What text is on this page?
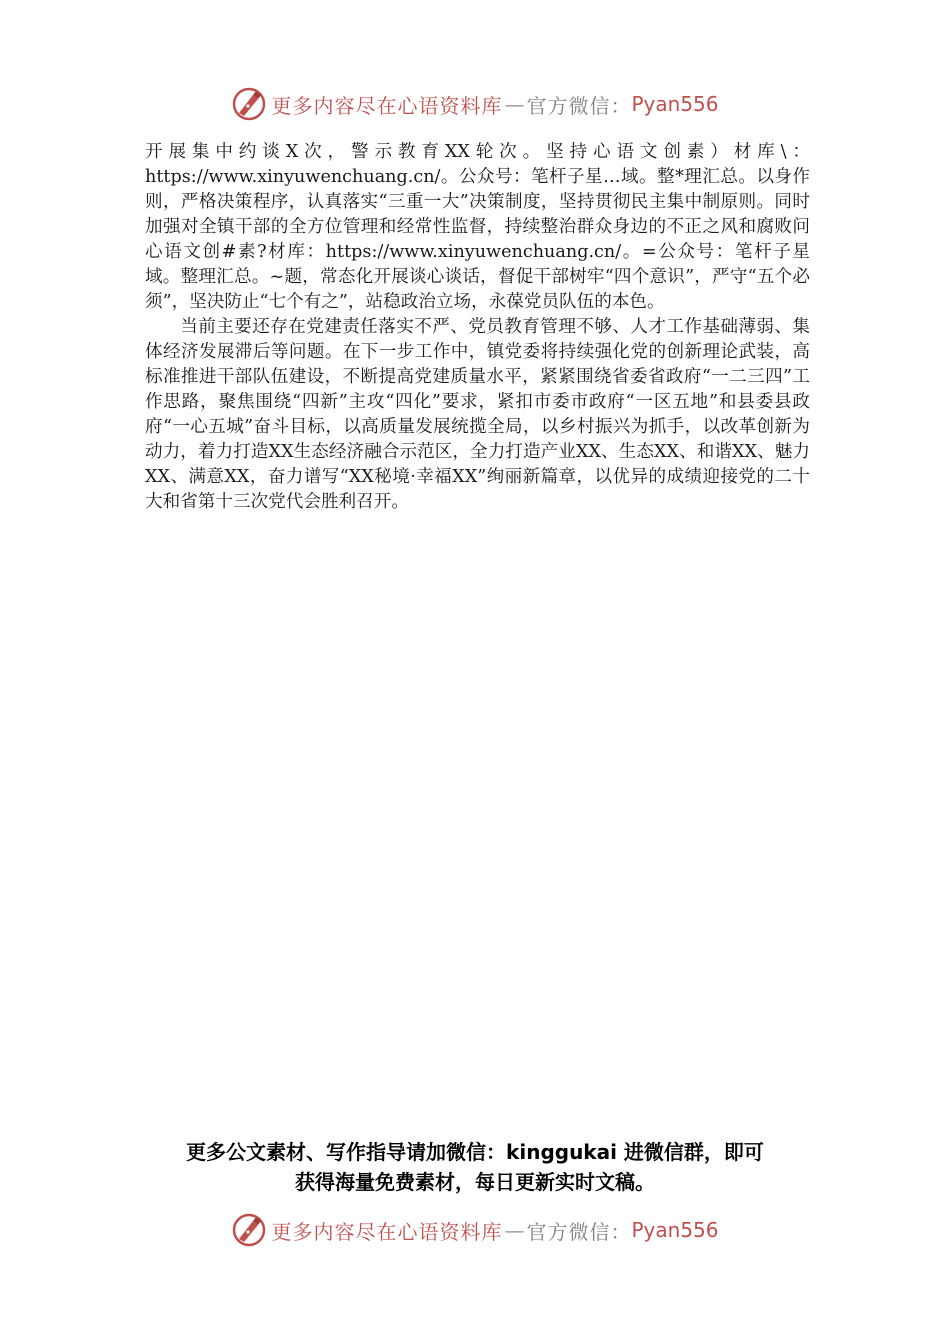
更多内容尽在心语资料库 — 官方微信： Pyan556

开展集中约谈X次，警示教育XX轮次。坚持心语文创素）材库\：https://www.xinyuwenchuang.cn/。公众号：笔杆子星…域。整*理汇总。以身作则，严格决策程序，认真落实“三重一大”决策制度，坚持贯彻民主集中制原则。同时加强对全镇干部的全方位管理和经常性监督，持续整治群众身边的不正之风和腐败问心语文创#素?材库：https://www.xinyuwenchuang.cn/。=公众号：笔杆子星域。整理汇总。~题，常态化开展谈心谈话，督促干部树牢“四个意识”，严守“五个必须”，坚决防止“七个有之”，站稳政治立场，永葆党员队伍的本色。

当前主要还存在党建责任落实不严、党员教育管理不够、人才工作基础薄弱、集体经济发展滞后等问题。在下一步工作中，镇党委将持续强化党的创新理论武装，高标准推进干部队伍建设，不断提高党建质量水平，紧紧围绕省委省政府“一二三四”工作思路，聚焦围绕“四新”主攻“四化”要求，紧扣市委市政府“一区五地”和县委县政府“一心五城”奋斗目标，以高质量发展统揽全局，以乡村振兴为抓手，以改革创新为动力，着力打造XX生态经济融合示范区，全力打造产业XX、生态XX、和谐XX、魅力XX、满意XX，奋力谱写“XX秘境·幸福XX”绚丽新篇章，以优异的成绩迎接党的二十大和省第十三次党代会胜利召开。

更多公文素材、写作指导请加微信：kinggukai 进微信群，即可
获得海量免费素材，每日更新实时文稿。
更多内容尽在心语资料库 — 官方微信： Pyan556
